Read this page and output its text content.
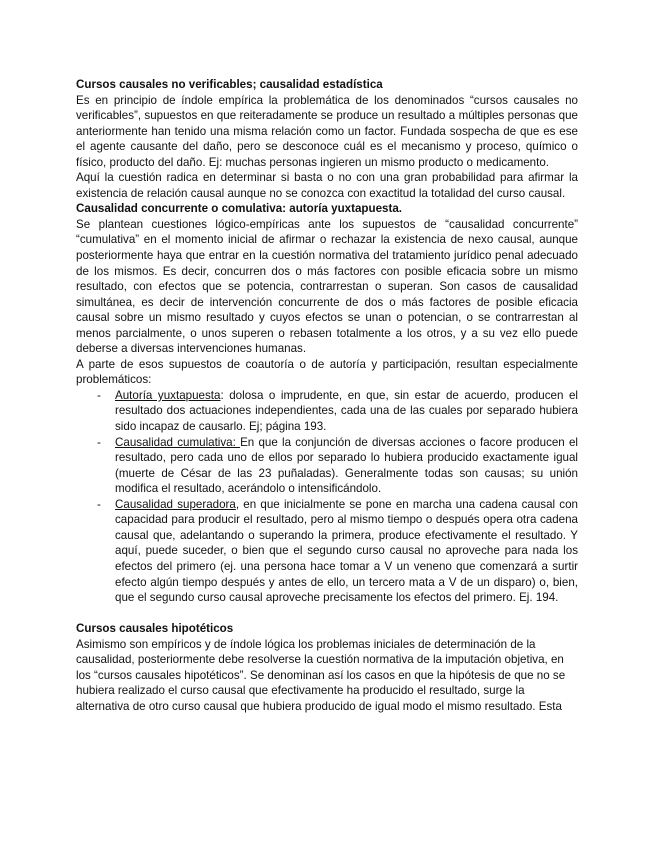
Cursos causales no verificables; causalidad estadística

Es en principio de índole empírica la problemática de los denominados “cursos causales no verificables”, supuestos en que reiteradamente se produce un resultado a múltiples personas que anteriormente han tenido una misma relación como un factor. Fundada sospecha de que es ese el agente causante del daño, pero se desconoce cuál es el mecanismo y proceso, químico o físico, producto del daño. Ej: muchas personas ingieren un mismo producto o medicamento.

Aquí la cuestión radica en determinar si basta o no con una gran probabilidad para afirmar la existencia de relación causal aunque no se conozca con exactitud la totalidad del curso causal.

Causalidad concurrente o comulativa: autoría yuxtapuesta.

Se plantean cuestiones lógico-empíricas ante los supuestos de “causalidad concurrente” “cumulativa” en el momento inicial de afirmar o rechazar la existencia de nexo causal, aunque posteriormente haya que entrar en la cuestión normativa del tratamiento jurídico penal adecuado de los mismos. Es decir, concurren dos o más factores con posible eficacia sobre un mismo resultado, con efectos que se potencia, contrarrestan o superan. Son casos de causalidad simultánea, es decir de intervención concurrente de dos o más factores de posible eficacia causal sobre un mismo resultado y cuyos efectos se unan o potencian, o se contrarrestan al menos parcialmente, o unos superen o rebasen totalmente a los otros, y a su vez ello puede deberse a diversas intervenciones humanas.

A parte de esos supuestos de coautoría o de autoría y participación, resultan especialmente problemáticos:

- Autoría yuxtapuesta: dolosa o imprudente, en que, sin estar de acuerdo, producen el resultado dos actuaciones independientes, cada una de las cuales por separado hubiera sido incapaz de causarlo. Ej; página 193.
- Causalidad cumulativa: En que la conjunción de diversas acciones o facore producen el resultado, pero cada uno de ellos por separado lo hubiera producido exactamente igual (muerte de César de las 23 puñaladas). Generalmente todas son causas; su unión modifica el resultado, acerándolo o intensificándolo.
- Causalidad superadora, en que inicialmente se pone en marcha una cadena causal con capacidad para producir el resultado, pero al mismo tiempo o después opera otra cadena causal que, adelantando o superando la primera, produce efectivamente el resultado. Y aquí, puede suceder, o bien que el segundo curso causal no aproveche para nada los efectos del primero (ej. una persona hace tomar a V un veneno que comenzará a surtir efecto algún tiempo después y antes de ello, un tercero mata a V de un disparo) o, bien, que el segundo curso causal aproveche precisamente los efectos del primero. Ej. 194.

Cursos causales hipotéticos

Asimismo son empíricos y de índole lógica los problemas iniciales de determinación de la causalidad, posteriormente debe resolverse la cuestión normativa de la imputación objetiva, en los “cursos causales hipotéticos”. Se denominan así los casos en que la hipótesis de que no se hubiera realizado el curso causal que efectivamente ha producido el resultado, surge la alternativa de otro curso causal que hubiera producido de igual modo el mismo resultado. Esta
